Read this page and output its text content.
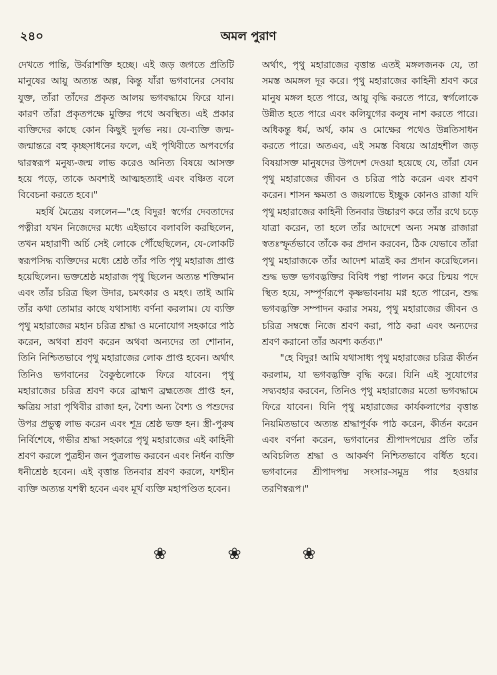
২৪০	অমল পুরাণ

দেখতে পান্তি, উর্বরাশক্তি হচ্ছে। এই জড় জগতে প্রতিটি মানুষের আয়ু অত্যন্ত অল্প, কিন্তু যাঁরা ভগবানের সেবায় যুক্ত, তাঁরা তাঁদের প্রকৃত আলয় ভগবদ্ধামে ফিরে যান। কারণ তাঁরা প্রকৃতপক্ষে মুক্তির পথে অবস্থিত। এই প্রকার ব্যক্তিদের কাছে কোন কিছুই দুর্লভ নয়। যে-ব্যক্তি জন্ম-জন্মান্তরে বহু কৃচ্ছসাধনের ফলে, এই পৃথিবীতে অপবর্গের দ্বারস্বরূপ মনুষ্য-জন্ম লাভ করেও অনিত্য বিষয়ে আসক্ত হয়ে পড়ে, তাকে অবশ্যই আত্মহত্যাই এবং বঞ্চিত বলে বিবেচনা করতে হবে।"

মহর্ষি মৈত্রেয় বললেন—"হে বিদুর! স্বর্গের দেবতাদের পত্নীরা যখন নিজেদের মধ্যে এইভাবে বলাবলি করছিলেন, তখন মহারাণী অর্চি সেই লোকে পৌঁছেছিলেন, যে-লোকটি স্বরূপসিদ্ধ ব্যক্তিদের মধ্যে শ্রেষ্ঠ তাঁর পতি পৃথু মহারাজ প্রাপ্ত হয়েছিলেন। ভক্তশ্রেষ্ঠ মহারাজ পৃথু ছিলেন অত্যন্ত শক্তিমান এবং তাঁর চরিত্র ছিল উদার, চমৎকার ও মহৎ। তাই আমি তাঁর কথা তোমার কাছে যথাসাধ্য বর্ণনা করলাম। যে ব্যক্তি পৃথু মহারাজের মহান চরিত্র শ্রদ্ধা ও মনোযোগ সহকারে পাঠ করেন, অথবা শ্রবণ করেন অথবা অন্যদের তা শোনান, তিনি নিশ্চিতভাবে পৃথু মহারাজের লোক প্রাপ্ত হবেন। অর্থাৎ তিনিও ভগবানের বৈকুণ্ঠলোকে ফিরে যাবেন। পৃথু মহারাজের চরিত্র শ্রবণ করে ব্রাহ্মণ ব্রহ্মতেজ প্রাপ্ত হন, ক্ষত্রিয় সারা পৃথিবীর রাজা হন, বৈশ্য অন্য বৈশ্য ও পশুদের উপর প্রভুত্ব লাভ করেন এবং শূদ্র শ্রেষ্ঠ ভক্ত হন। স্ত্রী-পুরুষ নির্বিশেষে, গভীর শ্রদ্ধা সহকারে পৃথু মহারাজের এই কাহিনী শ্রবণ করলে পুত্রহীন জন পুত্রলাভ করবেন এবং নির্ধন ব্যক্তি ধনীশ্রেষ্ঠ হবেন। এই বৃত্তান্ত তিনবার শ্রবণ করলে, যশহীন ব্যক্তি অত্যন্ত যশস্বী হবেন এবং মূর্খ ব্যক্তি মহাপণ্ডিত হবেন।

অর্থাৎ, পৃথু মহারাজের বৃত্তান্ত এতই মঙ্গলজনক যে, তা সমস্ত অমঙ্গল দূর করে। পৃথু মহারাজের কাহিনী শ্রবণ করে মানুষ মঙ্গল হতে পারে, আয়ু বৃদ্ধি করতে পারে, স্বর্গলোকে উন্নীত হতে পারে এবং কলিযুগের কলুষ নাশ করতে পারে। অধিকন্তু ধর্ম, অর্থ, কাম ও মোক্ষের পথেও উন্নতিসাধন করতে পারে। অতএব, এই সমস্ত বিষয়ে আগ্রহশীল জড় বিষয়াসক্ত মানুষদের উপদেশ দেওয়া হয়েছে যে, তাঁরা যেন পৃথু মহারাজের জীবন ও চরিত্র পাঠ করেন এবং শ্রবণ করেন। শাসন ক্ষমতা ও জয়লাভে ইচ্ছুক কোনও রাজা যদি পৃথু মহারাজের কাহিনী তিনবার উচ্চারণ করে তাঁর রথে চড়ে যাত্রা করেন, তা হলে তাঁর আদেশে অন্য সমস্ত রাজারা স্বতঃস্ফূর্তভাবে তাঁকে কর প্রদান করবেন, ঠিক যেভাবে তাঁরা পৃথু মহারাজকে তাঁর আদেশ মাত্রই কর প্রদান করেছিলেন। শুদ্ধ ভক্ত ভগবদ্ভক্তির বিবিধ পন্থা পালন করে চিন্ময় পদে স্থিত হয়ে, সম্পূর্ণরূপে কৃষ্ণভাবনায় মগ্ন হতে পারেন, শুদ্ধ ভগবদ্ভক্তি সম্পাদন করার সময়, পৃথু মহারাজের জীবন ও চরিত্র সম্বন্ধে নিজে শ্রবণ করা, পাঠ করা এবং অন্যদের শ্রবণ করানো তাঁর অবশ্য কর্তব্য।"

"হে বিদুর! আমি যথাসাধ্য পৃথু মহারাজের চরিত্র কীর্তন করলাম, যা ভগবদ্ভক্তি বৃদ্ধি করে। যিনি এই সুযোগের সদ্ব্যবহার করবেন, তিনিও পৃথু মহারাজের মতো ভগবদ্ধামে ফিরে যাবেন। যিনি পৃথু মহারাজের কার্যকলাপের বৃত্তান্ত নিয়মিতভাবে অত্যন্ত শ্রদ্ধাপূর্বক পাঠ করেন, কীর্তন করেন এবং বর্ণনা করেন, ভগবানের শ্রীপাদপদ্মের প্রতি তাঁর অবিচলিত শ্রদ্ধা ও আকর্ষণ নিশ্চিতভাবে বর্ধিত হবে। ভগবানের শ্রীপাদপদ্ম সংসার-সমুদ্র পার হওয়ার তরণিস্বরূপ।"

❀ ❀ ❀
